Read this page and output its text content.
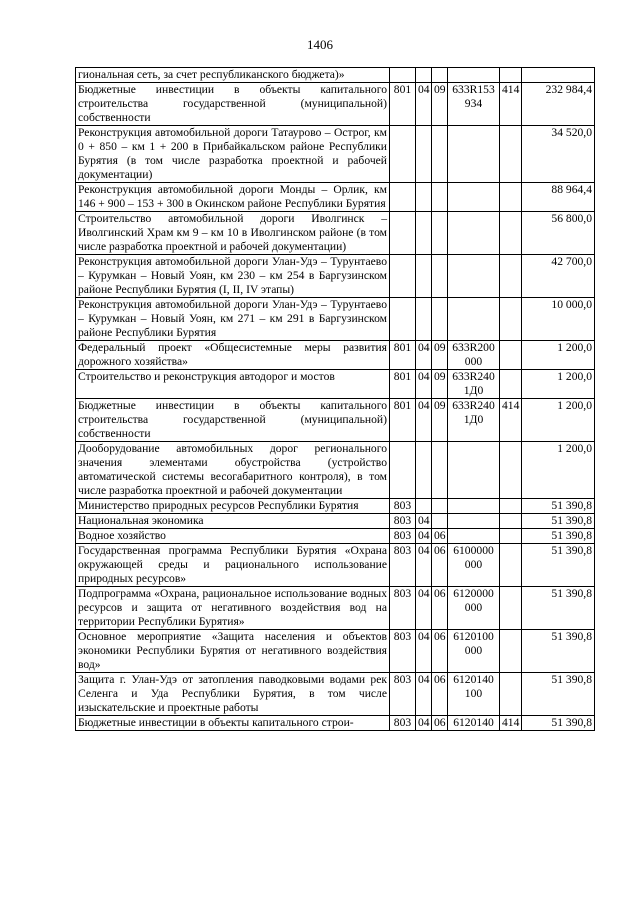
1406
гиональная сеть, за счет республиканского бюджета)»						
Бюджетные инвестиции в объекты капитального строительства государственной (муниципальной) собственности	801	04	09	633R153 934	414	232 984,4
Реконструкция автомобильной дороги Татаурово – Острог, км 0 + 850 – км 1 + 200 в Прибайкальском районе Республики Бурятия (в том числе разработка проектной и рабочей документации)						34 520,0
Реконструкция автомобильной дороги Монды – Орлик, км 146 + 900 – 153 + 300 в Окинском районе Республики Бурятия						88 964,4
Строительство автомобильной дороги Иволгинск – Иволгинский Храм км 9 – км 10 в Иволгинском районе (в том числе разработка проектной и рабочей документации)						56 800,0
Реконструкция автомобильной дороги Улан-Удэ – Турунтаево – Курумкан – Новый Уоян, км 230 – км 254 в Баргузинском районе Республики Бурятия (I, II, IV этапы)						42 700,0
Реконструкция автомобильной дороги Улан-Удэ – Турунтаево – Курумкан – Новый Уоян, км 271 – км 291 в Баргузинском районе Республики Бурятия						10 000,0
Федеральный проект «Общесистемные меры развития дорожного хозяйства»	801	04	09	633R200 000		1 200,0
Строительство и реконструкция автодорог и мостов	801	04	09	633R240 1Д0		1 200,0
Бюджетные инвестиции в объекты капитального строительства государственной (муниципальной) собственности	801	04	09	633R240 1Д0	414	1 200,0
Дооборудование автомобильных дорог регионального значения элементами обустройства (устройство автоматической системы весогабаритного контроля), в том числе разработка проектной и рабочей документации						1 200,0
Министерство природных ресурсов Республики Бурятия	803					51 390,8
Национальная экономика	803	04				51 390,8
Водное хозяйство	803	04	06			51 390,8
Государственная программа Республики Бурятия «Охрана окружающей среды и рационального использование природных ресурсов»	803	04	06	6100000 000		51 390,8
Подпрограмма «Охрана, рациональное использование водных ресурсов и защита от негативного воздействия вод на территории Республики Бурятия»	803	04	06	6120000 000		51 390,8
Основное мероприятие «Защита населения и объектов экономики Республики Бурятия от негативного воздействия вод»	803	04	06	6120100 000		51 390,8
Защита г. Улан-Удэ от затопления паводковыми водами рек Селенга и Уда Республики Бурятия, в том числе изыскательские и проектные работы	803	04	06	6120140 100		51 390,8
Бюджетные инвестиции в объекты капитального строи-	803	04	06	6120140	414	51 390,8
